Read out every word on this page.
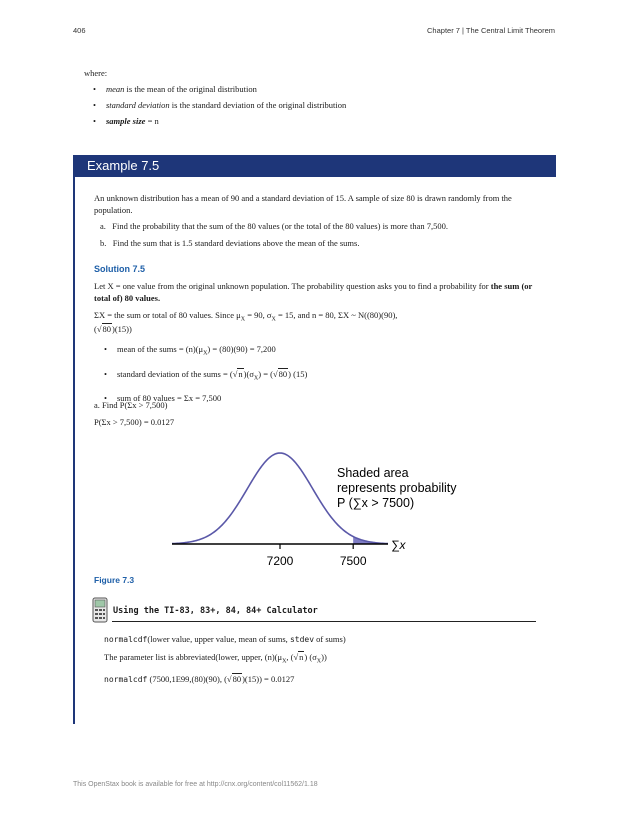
406	Chapter 7 | The Central Limit Theorem
where:
• mean is the mean of the original distribution
• standard deviation is the standard deviation of the original distribution
• sample size = n
Example 7.5
An unknown distribution has a mean of 90 and a standard deviation of 15. A sample of size 80 is drawn randomly from the population.
a. Find the probability that the sum of the 80 values (or the total of the 80 values) is more than 7,500.
b. Find the sum that is 1.5 standard deviations above the mean of the sums.
Solution 7.5
Let X = one value from the original unknown population. The probability question asks you to find a probability for the sum (or total of) 80 values.
ΣX = the sum or total of 80 values. Since $\mu_X = 90$, $\sigma_X = 15$, and n = 80, ΣX ~ N((80)(90),
(√80)(15))
• mean of the sums = $(n)(\mu_X) = (80)(90) = 7,200$
• standard deviation of the sums = $(√n)(\sigma_X) = (√80)$ (15)
• sum of 80 values = Σx = 7,500
a. Find P(Σx > 7,500)
P(Σx > 7,500) = 0.0127
7200	7500
∑x
Shaded area
represents probability
P (∑x > 7500)
Figure 7.3
Using the TI-83, 83+, 84, 84+ Calculator
normalcdf(lower value, upper value, mean of sums, stdev of sums)
The parameter list is abbreviated(lower, upper, $(n)(\mu_X$, (√n) $(\sigma_X)$)
normalcdf (7500,1E99,(80)(90), (√80)(15)) = 0.0127
This OpenStax book is available for free at http://cnx.org/content/col11562/1.18
